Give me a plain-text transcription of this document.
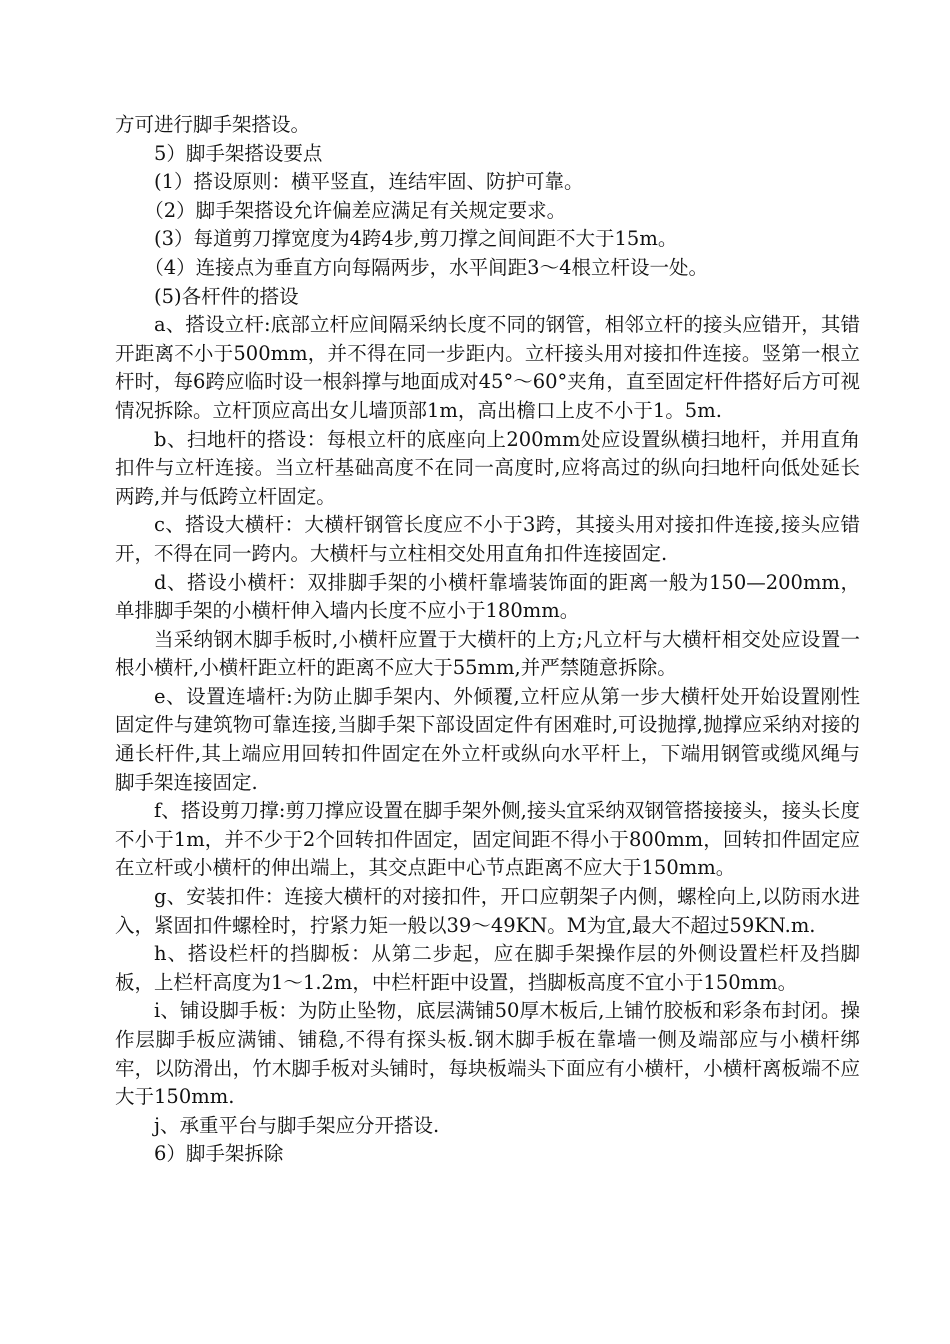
方可进行脚手架搭设。

5）脚手架搭设要点

(1）搭设原则：横平竖直，连结牢固、防护可靠。

（2）脚手架搭设允许偏差应满足有关规定要求。

(3）每道剪刀撑宽度为4跨4步,剪刀撑之间间距不大于15m。

（4）连接点为垂直方向每隔两步，水平间距3～4根立杆设一处。

(5)各杆件的搭设

a、搭设立杆:底部立杆应间隔采纳长度不同的钢管，相邻立杆的接头应错开，其错开距离不小于500mm，并不得在同一步距内。立杆接头用对接扣件连接。竖第一根立杆时，每6跨应临时设一根斜撑与地面成对45°～60°夹角，直至固定杆件搭好后方可视情况拆除。立杆顶应高出女儿墙顶部1m，高出檐口上皮不小于1。5m.

b、扫地杆的搭设：每根立杆的底座向上200mm处应设置纵横扫地杆，并用直角扣件与立杆连接。当立杆基础高度不在同一高度时,应将高过的纵向扫地杆向低处延长两跨,并与低跨立杆固定。

c、搭设大横杆：大横杆钢管长度应不小于3跨，其接头用对接扣件连接,接头应错开，不得在同一跨内。大横杆与立柱相交处用直角扣件连接固定.

d、搭设小横杆：双排脚手架的小横杆靠墙装饰面的距离一般为150—200mm，单排脚手架的小横杆伸入墙内长度不应小于180mm。

当采纳钢木脚手板时,小横杆应置于大横杆的上方;凡立杆与大横杆相交处应设置一根小横杆,小横杆距立杆的距离不应大于55mm,并严禁随意拆除。

e、设置连墙杆:为防止脚手架内、外倾覆,立杆应从第一步大横杆处开始设置刚性固定件与建筑物可靠连接,当脚手架下部设固定件有困难时,可设抛撑,抛撑应采纳对接的通长杆件,其上端应用回转扣件固定在外立杆或纵向水平杆上，下端用钢管或缆风绳与脚手架连接固定.

f、搭设剪刀撑:剪刀撑应设置在脚手架外侧,接头宜采纳双钢管搭接接头，接头长度不小于1m，并不少于2个回转扣件固定，固定间距不得小于800mm，回转扣件固定应在立杆或小横杆的伸出端上，其交点距中心节点距离不应大于150mm。

g、安装扣件：连接大横杆的对接扣件，开口应朝架子内侧，螺栓向上,以防雨水进入，紧固扣件螺栓时，拧紧力矩一般以39～49KN。M为宜,最大不超过59KN.m.

h、搭设栏杆的挡脚板：从第二步起，应在脚手架操作层的外侧设置栏杆及挡脚板，上栏杆高度为1～1.2m，中栏杆距中设置，挡脚板高度不宜小于150mm。

i、铺设脚手板：为防止坠物，底层满铺50厚木板后,上铺竹胶板和彩条布封闭。操作层脚手板应满铺、铺稳,不得有探头板.钢木脚手板在靠墙一侧及端部应与小横杆绑牢，以防滑出，竹木脚手板对头铺时，每块板端头下面应有小横杆，小横杆离板端不应大于150mm.

j、承重平台与脚手架应分开搭设.

6）脚手架拆除
